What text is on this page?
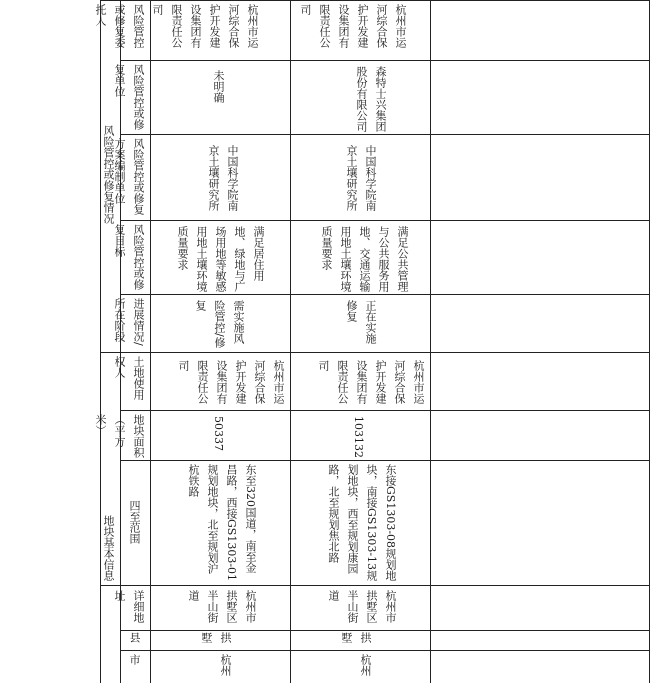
风险管控或修复情况
地块基本信息
风险管控或修复委托人
风险管控或修复单位
风险管控或修复方案编制单位
风险管控或修复目标
进展情况/所在阶段
土地使用权人
地块面积（平方米）
四至范围
详细地址
县
市
杭州市运河综合保护开发建设集团有限责任公司
未明确
中国科学院南京土壤研究所
满足居住用地、绿地与广场用地等敏感用地土壤环境质量要求
需实施风险管控/修复
杭州市运河综合保护开发建设集团有限责任公司
50337
东至320国道，南至金昌路，西接GS1303-01规划地块，北至规划沪杭铁路
杭州市拱墅区半山街道
拱墅
杭州
杭州市运河综合保护开发建设集团有限责任公司
森特士兴集团股份有限公司
中国科学院南京土壤研究所
满足公共管理与公共服务用地、交通运输用地土壤环境质量要求
正在实施修复
杭州市运河综合保护开发建设集团有限责任公司
103132
东接GS1303-08规划地块，南接GS1303-13规划地块，西至规划康园路，北至规划焦北路
杭州市拱墅区半山街道
拱墅
杭州
